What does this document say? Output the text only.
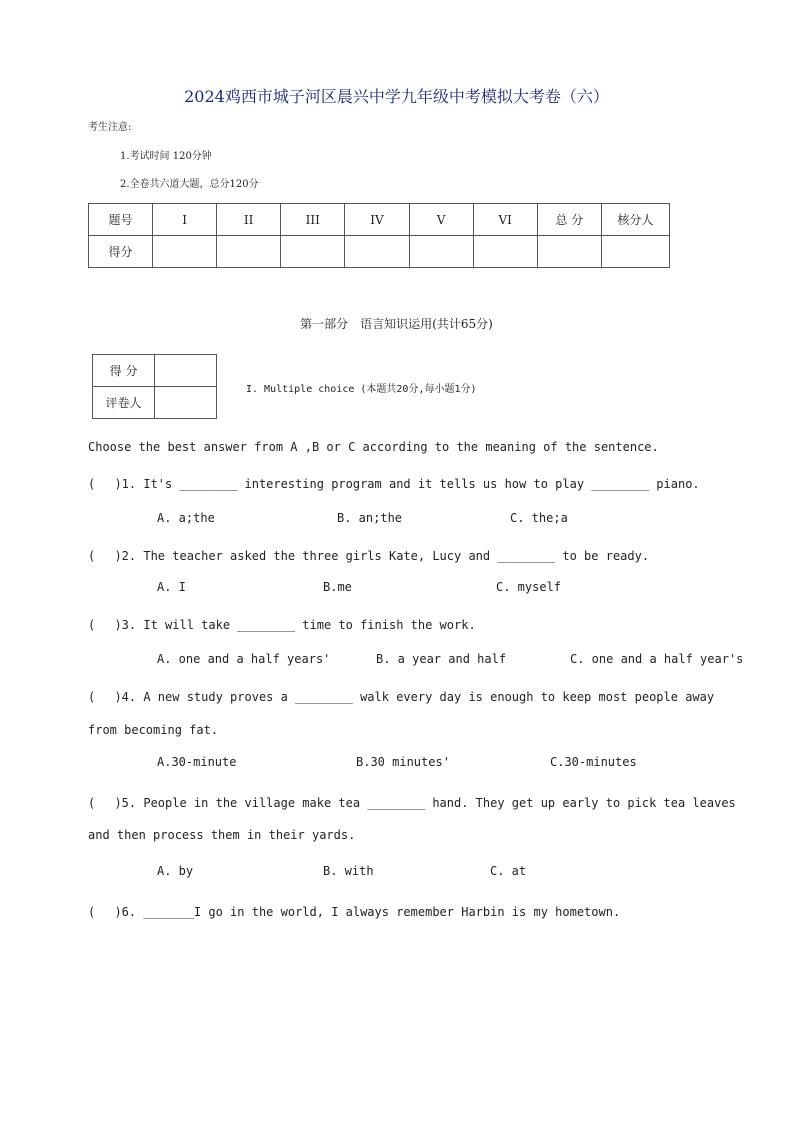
2024鸡西市城子河区晨兴中学九年级中考模拟大考卷（六）
考生注意:
1.考试时间 120分钟
2.全卷共六道大题，总分120分
题号	I	II	III	IV	V	VI	总 分	核分人
得分								
第一部分　语言知识运用(共计65分)
得 分	
评卷人	
I. Multiple choice (本题共20分,每小题1分)
Choose the best answer from A ,B or C according to the meaning of the sentence.
(　 )1. It's ________ interesting program and it tells us how to play ________ piano.
A. a;the	B. an;the	C. the;a
(　 )2. The teacher asked the three girls Kate, Lucy and ________ to be ready.
A. I	B.me	C. myself
(　 )3. It will take ________ time to finish the work.
A. one and a half years'	B. a year and half	C. one and a half year's
(　 )4. A new study proves a ________ walk every day is enough to keep most people away
from becoming fat.
A.30-minute	B.30 minutes'	C.30-minutes
(　 )5. People in the village make tea ________ hand. They get up early to pick tea leaves
and then process them in their yards.
A. by	B. with	C. at
(　 )6. _______I go in the world, I always remember Harbin is my hometown.
